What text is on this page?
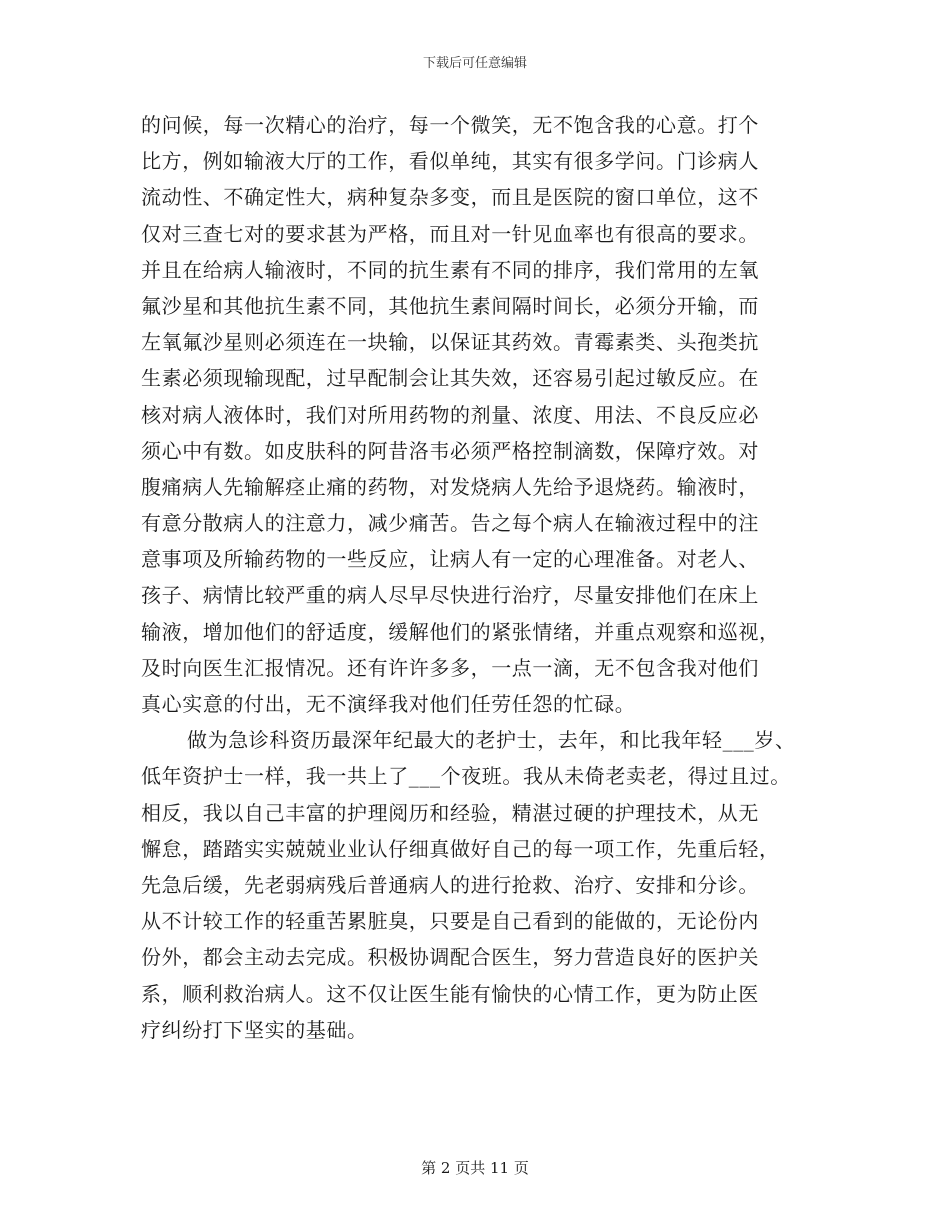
下载后可任意编辑
的问候，每一次精心的治疗，每一个微笑，无不饱含我的心意。打个
比方，例如输液大厅的工作，看似单纯，其实有很多学问。门诊病人
流动性、不确定性大，病种复杂多变，而且是医院的窗口单位，这不
仅对三查七对的要求甚为严格，而且对一针见血率也有很高的要求。
并且在给病人输液时，不同的抗生素有不同的排序，我们常用的左氧
氟沙星和其他抗生素不同，其他抗生素间隔时间长，必须分开输，而
左氧氟沙星则必须连在一块输，以保证其药效。青霉素类、头孢类抗
生素必须现输现配，过早配制会让其失效，还容易引起过敏反应。在
核对病人液体时，我们对所用药物的剂量、浓度、用法、不良反应必
须心中有数。如皮肤科的阿昔洛韦必须严格控制滴数，保障疗效。对
腹痛病人先输解痉止痛的药物，对发烧病人先给予退烧药。输液时，
有意分散病人的注意力，减少痛苦。告之每个病人在输液过程中的注
意事项及所输药物的一些反应，让病人有一定的心理准备。对老人、
孩子、病情比较严重的病人尽早尽快进行治疗，尽量安排他们在床上
输液，增加他们的舒适度，缓解他们的紧张情绪，并重点观察和巡视，
及时向医生汇报情况。还有许许多多，一点一滴，无不包含我对他们
真心实意的付出，无不演绎我对他们任劳任怨的忙碌。
做为急诊科资历最深年纪最大的老护士，去年，和比我年轻___岁、
低年资护士一样，我一共上了___个夜班。我从未倚老卖老，得过且过。
相反，我以自己丰富的护理阅历和经验，精湛过硬的护理技术，从无
懈怠，踏踏实实兢兢业业认仔细真做好自己的每一项工作，先重后轻，
先急后缓，先老弱病残后普通病人的进行抢救、治疗、安排和分诊。
从不计较工作的轻重苦累脏臭，只要是自己看到的能做的，无论份内
份外，都会主动去完成。积极协调配合医生，努力营造良好的医护关
系，顺利救治病人。这不仅让医生能有愉快的心情工作，更为防止医
疗纠纷打下坚实的基础。
第 2 页共 11 页
